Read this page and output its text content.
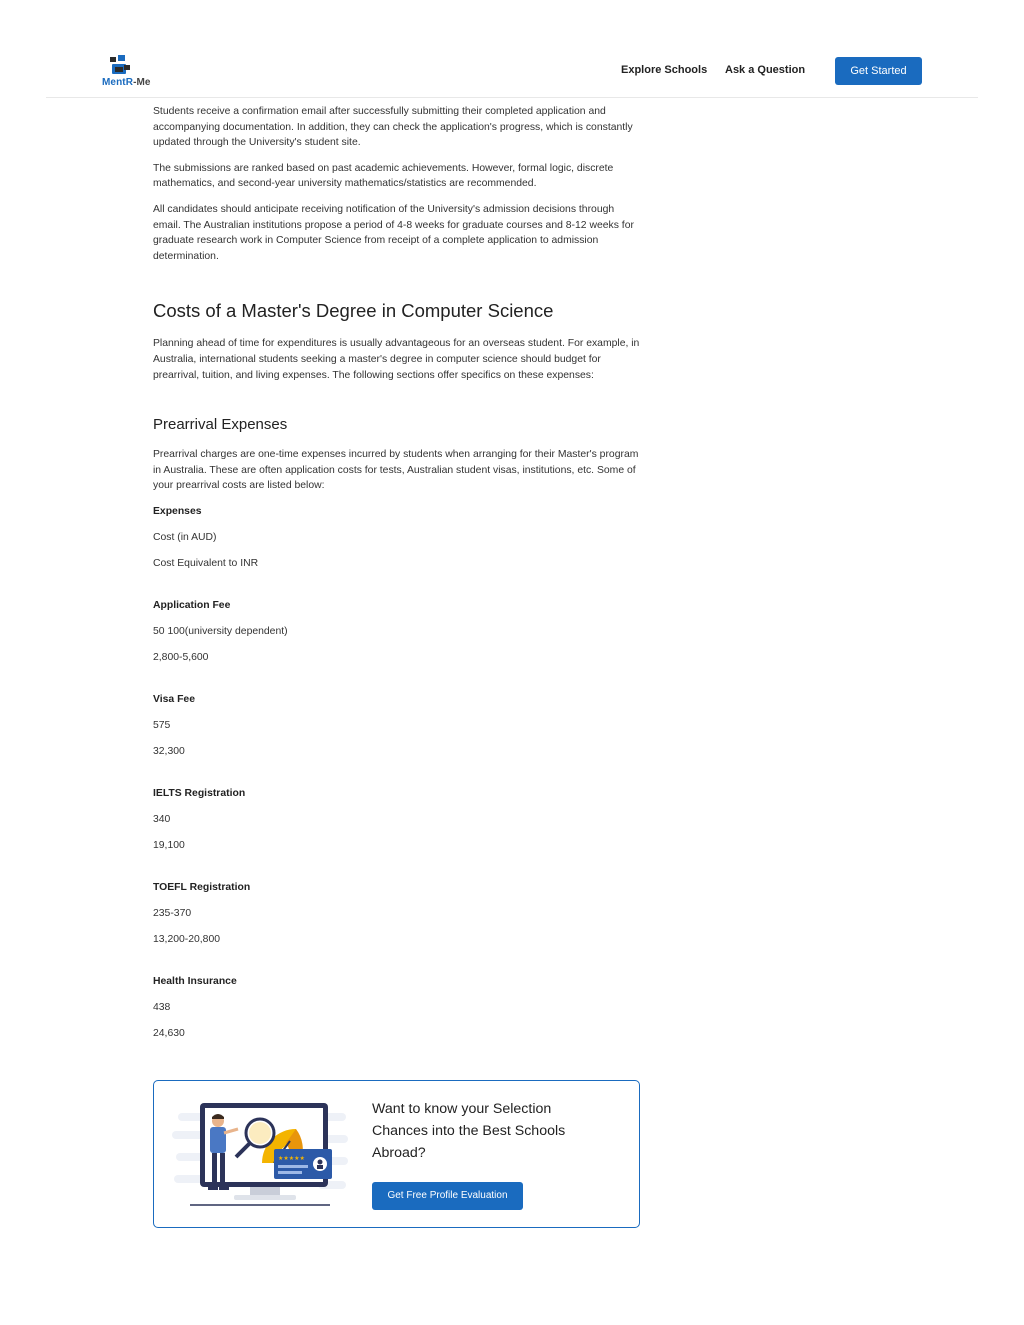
MentR-Me
Explore Schools Ask a Question	Get Started

Students receive a confirmation email after successfully submitting their completed application and accompanying documentation. In addition, they can check the application's progress, which is constantly updated through the University's student site.

The submissions are ranked based on past academic achievements. However, formal logic, discrete mathematics, and second-year university mathematics/statistics are recommended.

All candidates should anticipate receiving notification of the University's admission decisions through email. The Australian institutions propose a period of 4-8 weeks for graduate courses and 8-12 weeks for graduate research work in Computer Science from receipt of a complete application to admission determination.

Costs of a Master's Degree in Computer Science

Planning ahead of time for expenditures is usually advantageous for an overseas student. For example, in Australia, international students seeking a master's degree in computer science should budget for prearrival, tuition, and living expenses. The following sections offer specifics on these expenses:

Prearrival Expenses

Prearrival charges are one-time expenses incurred by students when arranging for their Master's program in Australia. These are often application costs for tests, Australian student visas, institutions, etc. Some of your prearrival costs are listed below:

Expenses
Cost (in AUD)
Cost Equivalent to INR
Application Fee
50 100(university dependent)
2,800-5,600
Visa Fee
575
32,300
IELTS Registration
340
19,100
TOEFL Registration
235-370
13,200-20,800
Health Insurance
438
24,630
★★★★★
Want to know your Selection Chances into the Best Schools Abroad?
Get Free Profile Evaluation
